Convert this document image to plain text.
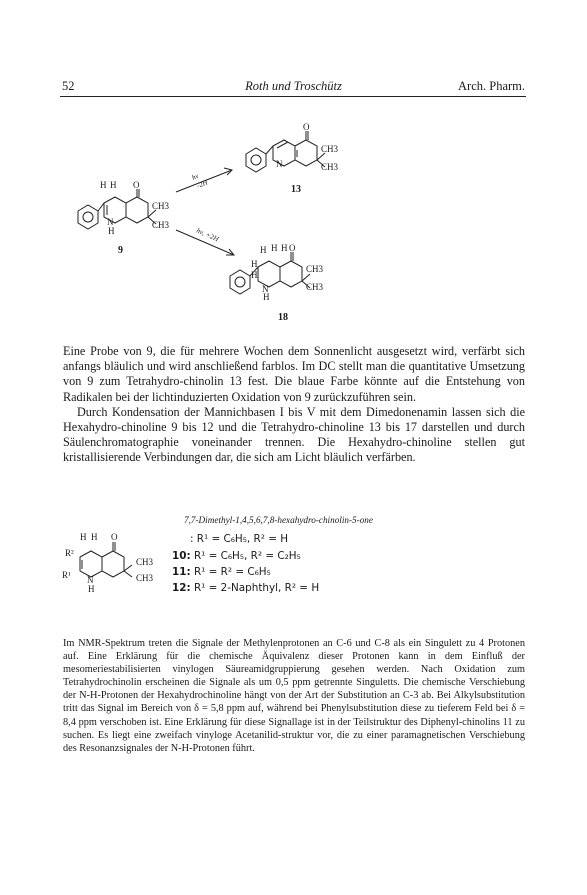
52	Roth und Troschütz	Arch. Pharm.
H H O
CH3
CH3
N
H
9
O
CH3
CH3
N
13
H H H O
H
H
CH3
CH3
N
H
18
hν
-2H
hν, +2H

Eine Probe von 9, die für mehrere Wochen dem Sonnenlicht ausgesetzt wird, verfärbt sich anfangs bläulich und wird anschließend farblos. Im DC stellt man die quantitative Umsetzung von 9 zum Tetrahydro-chinolin 13 fest. Die blaue Farbe könnte auf die Entstehung von Radikalen bei der lichtinduzierten Oxidation von 9 zurückzuführen sein.

Durch Kondensation der Mannichbasen I bis V mit dem Dimedonenamin lassen sich die Hexahydro-chinoline 9 bis 12 und die Tetrahydro-chinoline 13 bis 17 darstellen und durch Säulenchromatographie voneinander trennen. Die Hexahydro-chinoline stellen gut kristallisierende Verbindungen dar, die sich am Licht bläulich verfärben.

H H O
R²
R¹ N
H
CH3
CH3
7,7-Dimethyl-1,4,5,6,7,8-hexahydro-chinolin-5-one
: R¹ = C₆H₅, R² = H
10: R¹ = C₆H₅, R² = C₂H₅
11: R¹ = R² = C₆H₅
12: R¹ = 2-Naphthyl, R² = H
Im NMR-Spektrum treten die Signale der Methylenprotonen an C-6 und C-8 als ein Singulett zu 4 Protonen auf. Eine Erklärung für die chemische Äquivalenz dieser Protonen kann in dem Einfluß der mesomeriestabilisierten vinylogen Säureamidgruppierung gesehen werden. Nach Oxidation zum Tetrahydrochinolin erscheinen die Signale als um 0,5 ppm getrennte Singuletts. Die chemische Verschiebung der N-H-Protonen der Hexahydrochinoline hängt von der Art der Substitution an C-3 ab. Bei Alkylsubstitution tritt das Signal im Bereich von δ = 5,8 ppm auf, während bei Phenylsubstitution diese zu tieferem Feld bei δ = 8,4 ppm verschoben ist. Eine Erklärung für diese Signallage ist in der Teilstruktur des Diphenyl-chinolins 11 zu suchen. Es liegt eine zweifach vinyloge Acetanilid-struktur vor, die zu einer paramagnetischen Verschiebung des Resonanzsignales der N-H-Protonen führt.
